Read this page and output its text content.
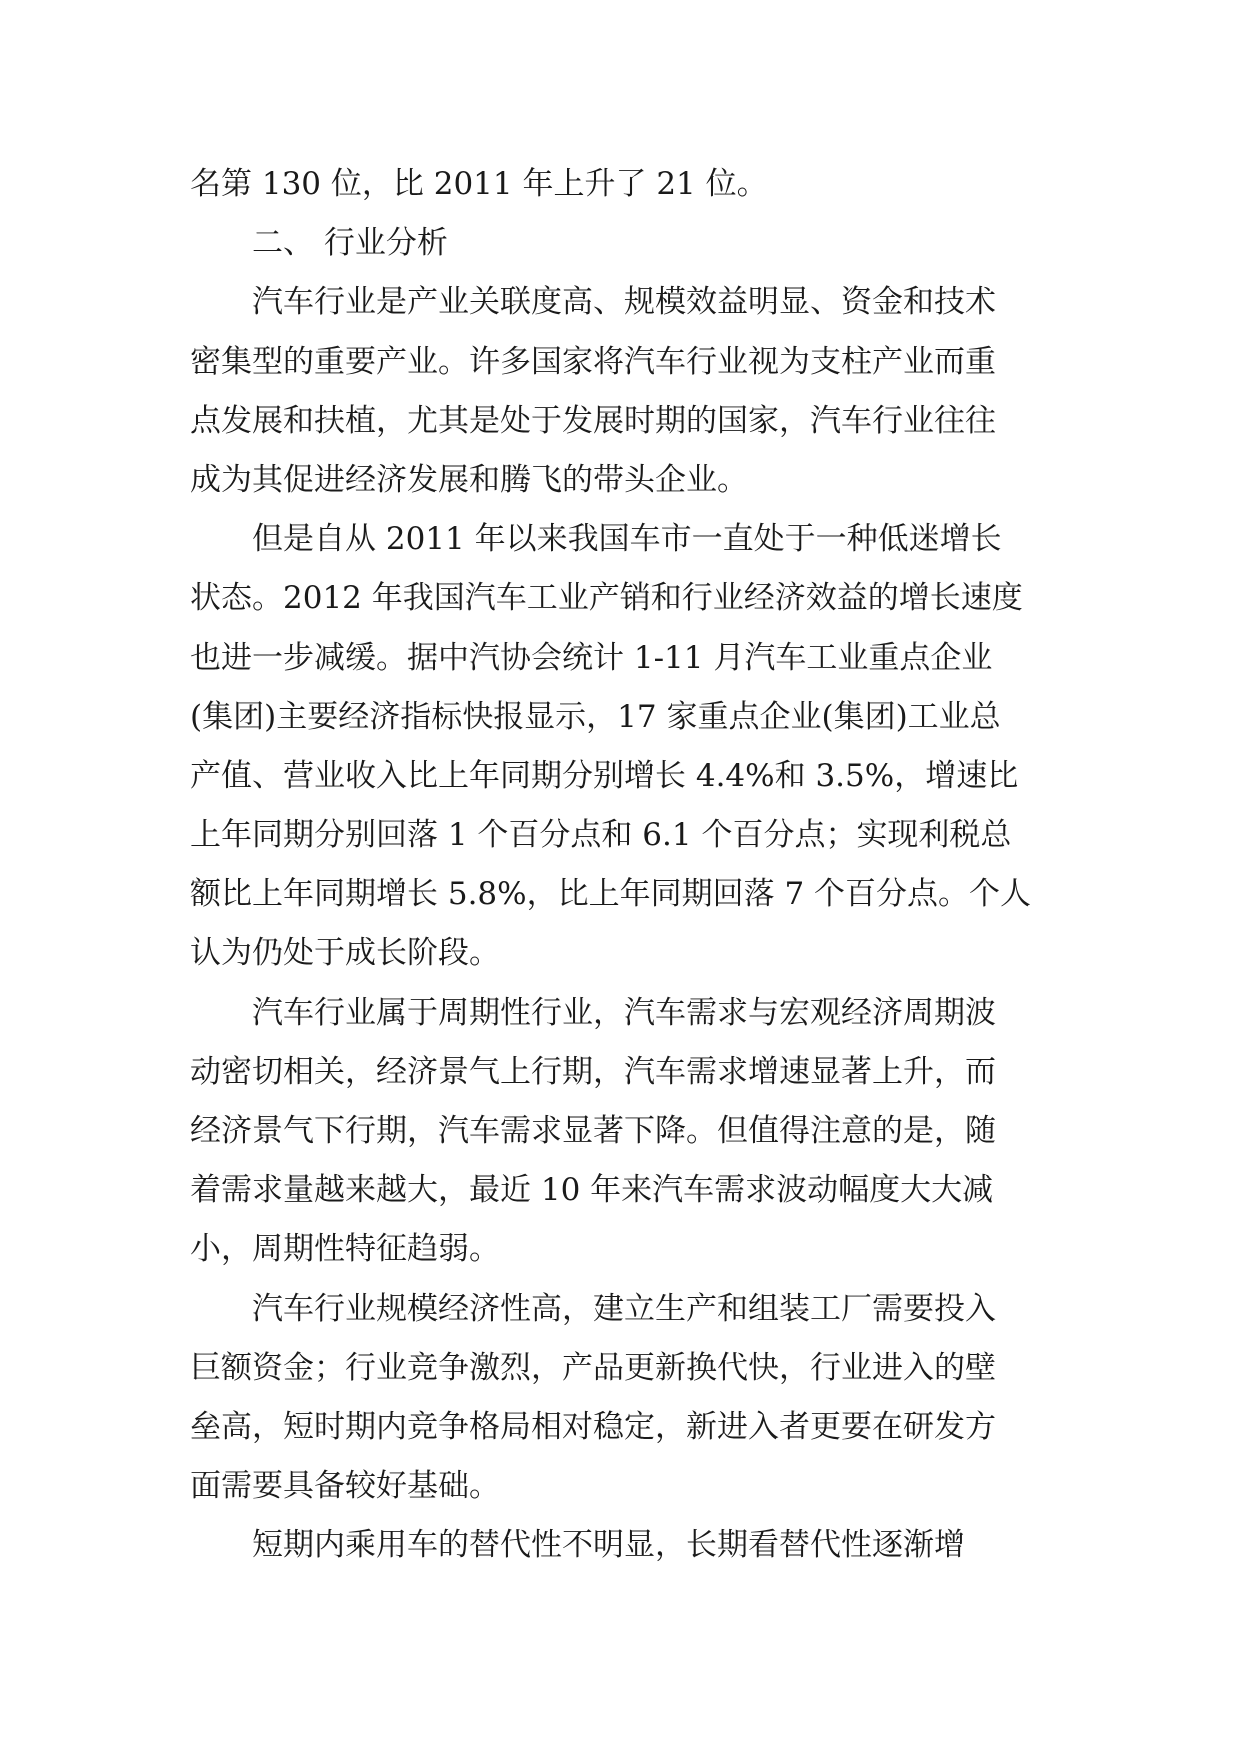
名第 130 位，比 2011 年上升了 21 位。
二、 行业分析
汽车行业是产业关联度高、规模效益明显、资金和技术
密集型的重要产业。许多国家将汽车行业视为支柱产业而重
点发展和扶植，尤其是处于发展时期的国家，汽车行业往往
成为其促进经济发展和腾飞的带头企业。
但是自从 2011 年以来我国车市一直处于一种低迷增长
状态。2012 年我国汽车工业产销和行业经济效益的增长速度
也进一步减缓。据中汽协会统计 1-11 月汽车工业重点企业
(集团)主要经济指标快报显示，17 家重点企业(集团)工业总
产值、营业收入比上年同期分别增长 4.4%和 3.5%，增速比
上年同期分别回落 1 个百分点和 6.1 个百分点；实现利税总
额比上年同期增长 5.8%，比上年同期回落 7 个百分点。个人
认为仍处于成长阶段。
汽车行业属于周期性行业，汽车需求与宏观经济周期波
动密切相关，经济景气上行期，汽车需求增速显著上升，而
经济景气下行期，汽车需求显著下降。但值得注意的是，随
着需求量越来越大，最近 10 年来汽车需求波动幅度大大减
小，周期性特征趋弱。
汽车行业规模经济性高，建立生产和组装工厂需要投入
巨额资金；行业竞争激烈，产品更新换代快，行业进入的壁
垒高，短时期内竞争格局相对稳定，新进入者更要在研发方
面需要具备较好基础。
短期内乘用车的替代性不明显，长期看替代性逐渐增
